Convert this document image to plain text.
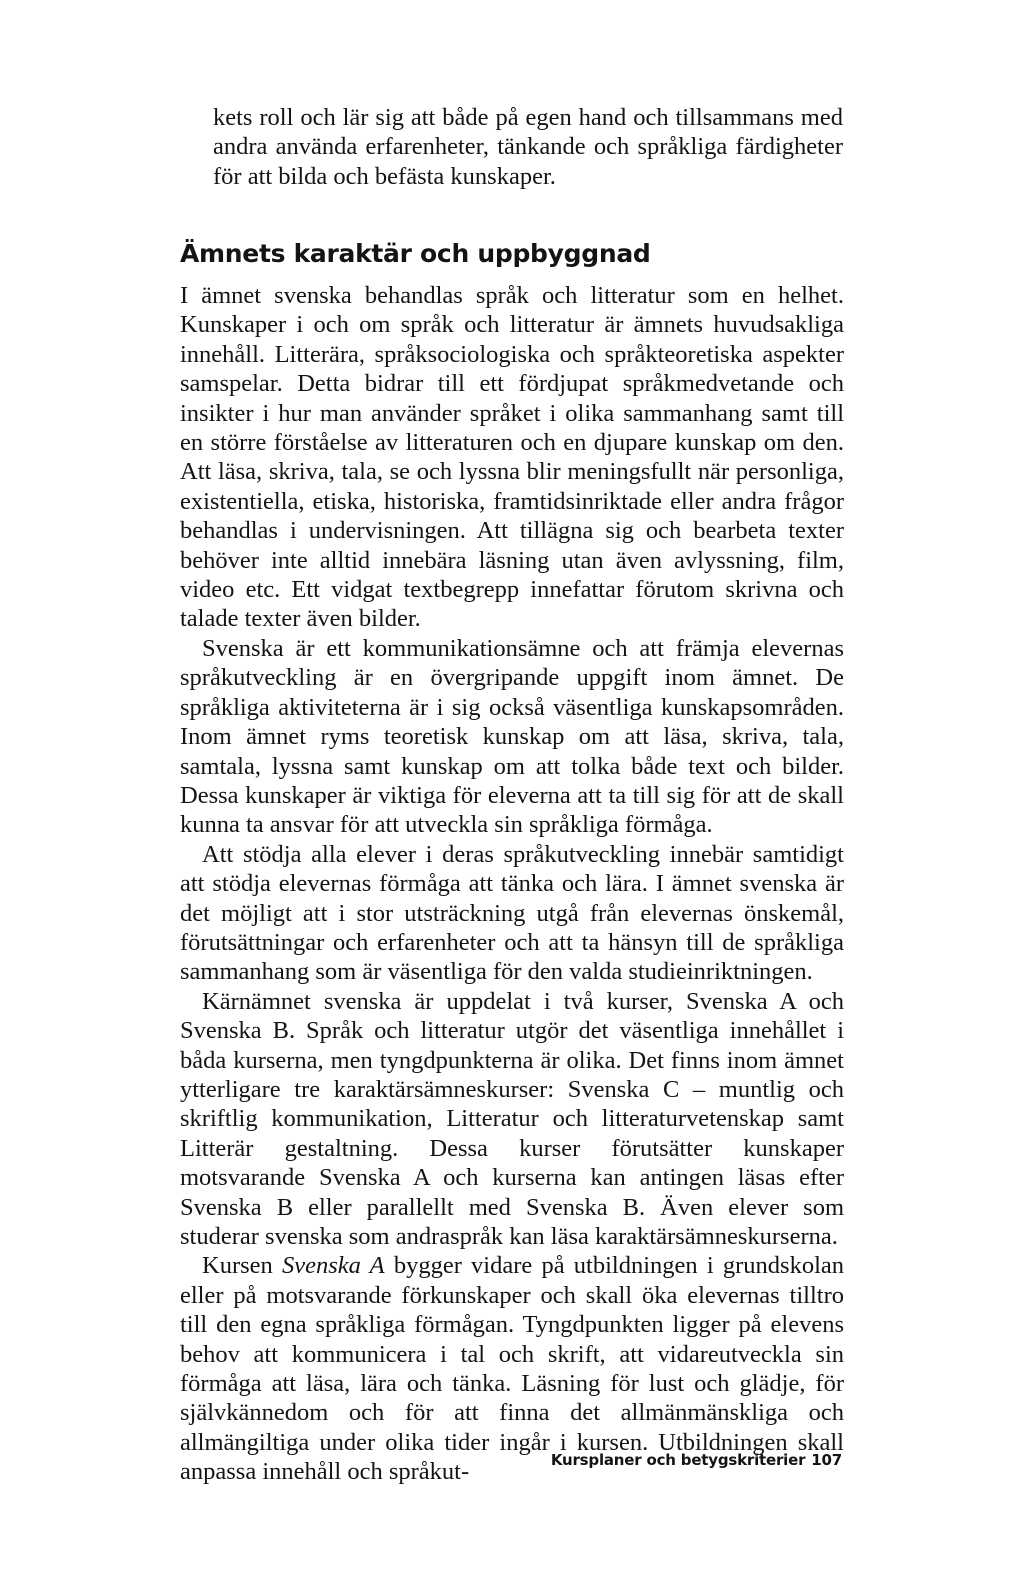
kets roll och lär sig att både på egen hand och tillsammans med andra använda erfarenheter, tänkande och språkliga färdigheter för att bilda och befästa kunskaper.

Ämnets karaktär och uppbyggnad

I ämnet svenska behandlas språk och litteratur som en helhet. Kunskaper i och om språk och litteratur är ämnets huvudsakliga innehåll. Litterära, språksociologiska och språkteoretiska aspekter samspelar. Detta bidrar till ett fördjupat språkmedvetande och insikter i hur man använder språket i olika sammanhang samt till en större förståelse av litteraturen och en djupare kunskap om den. Att läsa, skriva, tala, se och lyssna blir meningsfullt när personliga, existentiella, etiska, historiska, framtidsinriktade eller andra frågor behandlas i undervisningen. Att tillägna sig och bearbeta texter behöver inte alltid innebära läsning utan även avlyssning, film, video etc. Ett vidgat textbegrepp innefattar förutom skrivna och talade texter även bilder.

Svenska är ett kommunikationsämne och att främja elevernas språkutveckling är en övergripande uppgift inom ämnet. De språkliga aktiviteterna är i sig också väsentliga kunskapsområden. Inom ämnet ryms teoretisk kunskap om att läsa, skriva, tala, samtala, lyssna samt kunskap om att tolka både text och bilder. Dessa kunskaper är viktiga för eleverna att ta till sig för att de skall kunna ta ansvar för att utveckla sin språkliga förmåga.

Att stödja alla elever i deras språkutveckling innebär samtidigt att stödja elevernas förmåga att tänka och lära. I ämnet svenska är det möjligt att i stor utsträckning utgå från elevernas önskemål, förutsättningar och erfarenheter och att ta hänsyn till de språkliga sammanhang som är väsentliga för den valda studieinriktningen.

Kärnämnet svenska är uppdelat i två kurser, Svenska A och Svenska B. Språk och litteratur utgör det väsentliga innehållet i båda kurserna, men tyngdpunkterna är olika. Det finns inom ämnet ytterligare tre karaktärsämneskurser: Svenska C – muntlig och skriftlig kommunikation, Litteratur och litteraturvetenskap samt Litterär gestaltning. Dessa kurser förutsätter kunskaper motsvarande Svenska A och kurserna kan antingen läsas efter Svenska B eller parallellt med Svenska B. Även elever som studerar svenska som andraspråk kan läsa karaktärsämneskurserna.

Kursen Svenska A bygger vidare på utbildningen i grundskolan eller på motsvarande förkunskaper och skall öka elevernas tilltro till den egna språkliga förmågan. Tyngdpunkten ligger på elevens behov att kommunicera i tal och skrift, att vidareutveckla sin förmåga att läsa, lära och tänka. Läsning för lust och glädje, för självkännedom och för att finna det allmänmänskliga och allmängiltiga under olika tider ingår i kursen. Utbildningen skall anpassa innehåll och språkut-	Kursplaner och betygskriterier 107
